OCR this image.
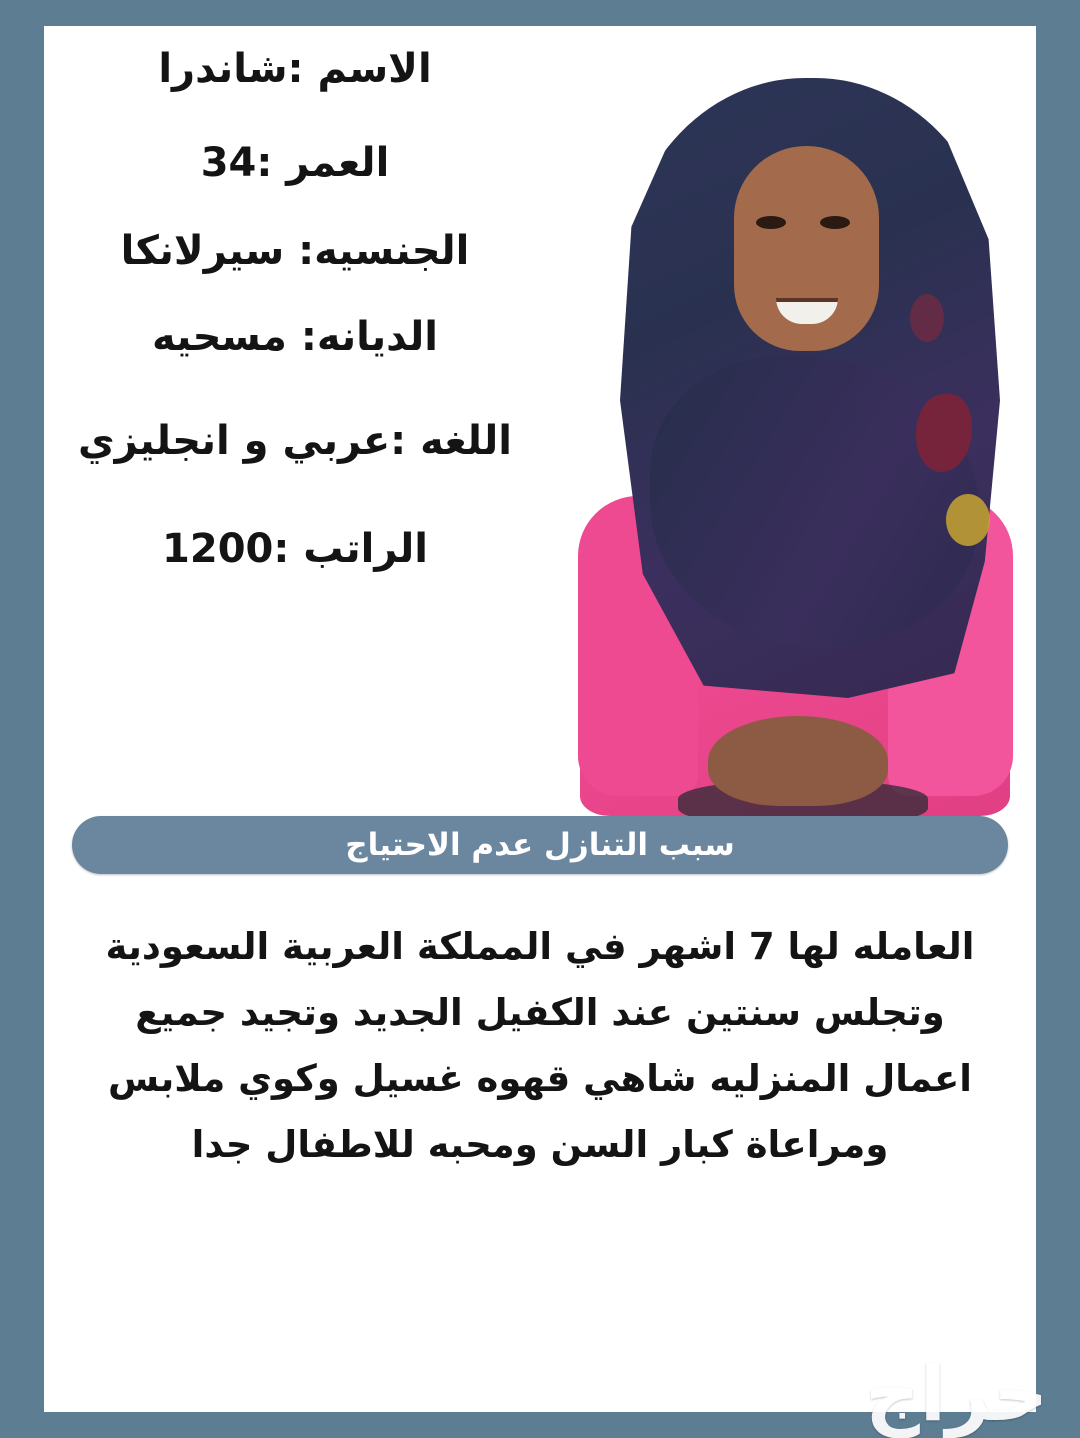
الاسم :شاندرا
العمر :34
الجنسيه: سيرلانكا
الديانه: مسحيه
اللغه :عربي و انجليزي
الراتب :1200
سبب التنازل عدم الاحتياج
العامله لها 7 اشهر في المملكة العربية السعودية وتجلس سنتين عند الكفيل الجديد وتجيد جميع اعمال المنزليه شاهي قهوه غسيل وكوي ملابس ومراعاة كبار السن ومحبه للاطفال جدا
حراج
